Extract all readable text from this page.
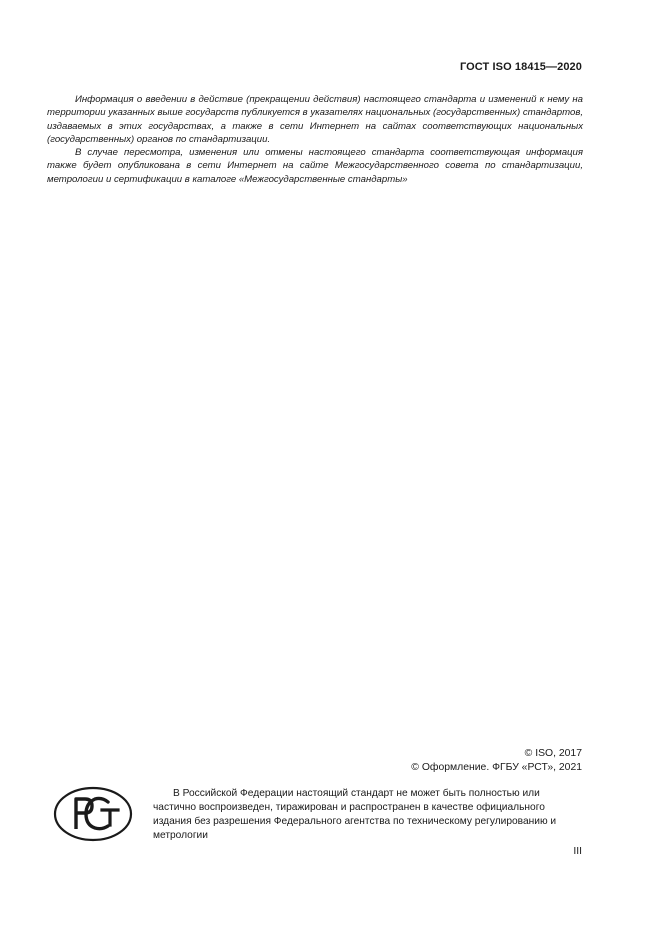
ГОСТ ISO 18415—2020

Информация о введении в действие (прекращении действия) настоящего стандарта и изменений к нему на территории указанных выше государств публикуется в указателях национальных (государственных) стандартов, издаваемых в этих государствах, а также в сети Интернет на сайтах соответствующих национальных (государственных) органов по стандартизации.

В случае пересмотра, изменения или отмены настоящего стандарта соответствующая информация также будет опубликована в сети Интернет на сайте Межгосударственного совета по стандартизации, метрологии и сертификации в каталоге «Межгосударственные стандарты»

© ISO, 2017
© Оформление. ФГБУ «РСТ», 2021
В Российской Федерации настоящий стандарт не может быть полностью или частично воспроизведен, тиражирован и распространен в качестве официального издания без разрешения Федерального агентства по техническому регулированию и метрологии
III
